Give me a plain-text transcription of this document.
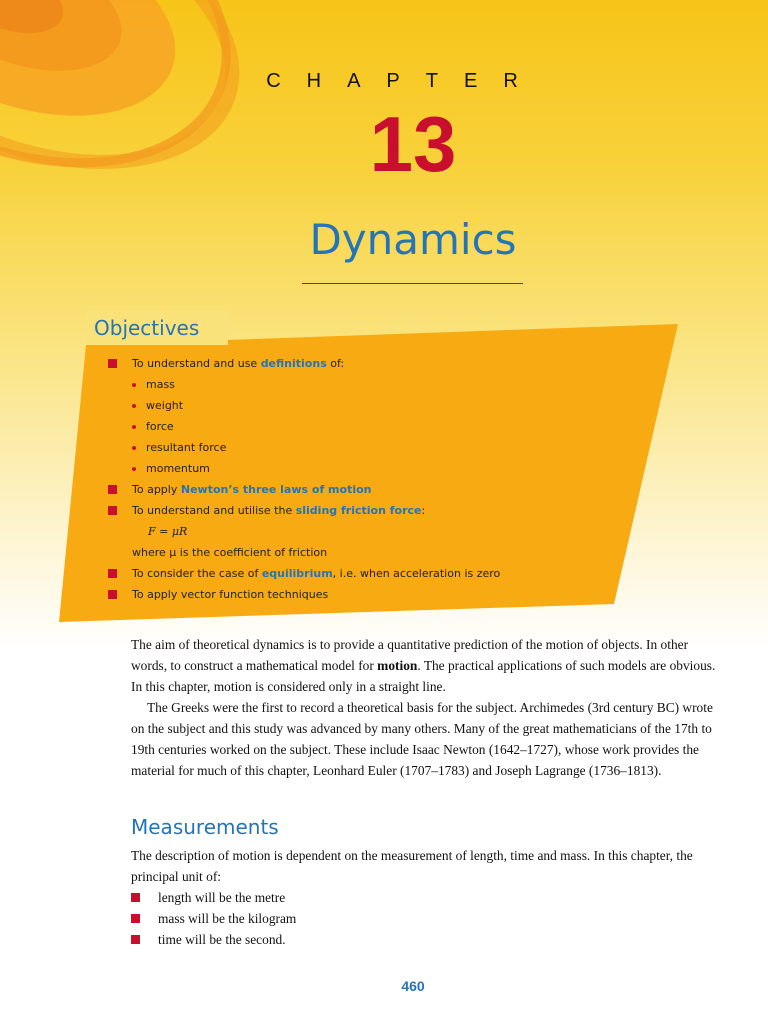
CHAPTER
13
Dynamics
Objectives
To understand and use definitions of:
mass
weight
force
resultant force
momentum
To apply Newton’s three laws of motion
To understand and utilise the sliding friction force:
F = μR
where μ is the coefficient of friction
To consider the case of equilibrium, i.e. when acceleration is zero
To apply vector function techniques

The aim of theoretical dynamics is to provide a quantitative prediction of the motion of objects. In other words, to construct a mathematical model for motion. The practical applications of such models are obvious. In this chapter, motion is considered only in a straight line.

The Greeks were the first to record a theoretical basis for the subject. Archimedes (3rd century BC) wrote on the subject and this study was advanced by many others. Many of the great mathematicians of the 17th to 19th centuries worked on the subject. These include Isaac Newton (1642–1727), whose work provides the material for much of this chapter, Leonhard Euler (1707–1783) and Joseph Lagrange (1736–1813).

Measurements

The description of motion is dependent on the measurement of length, time and mass. In this chapter, the principal unit of:

length will be the metre
mass will be the kilogram
time will be the second.
460
